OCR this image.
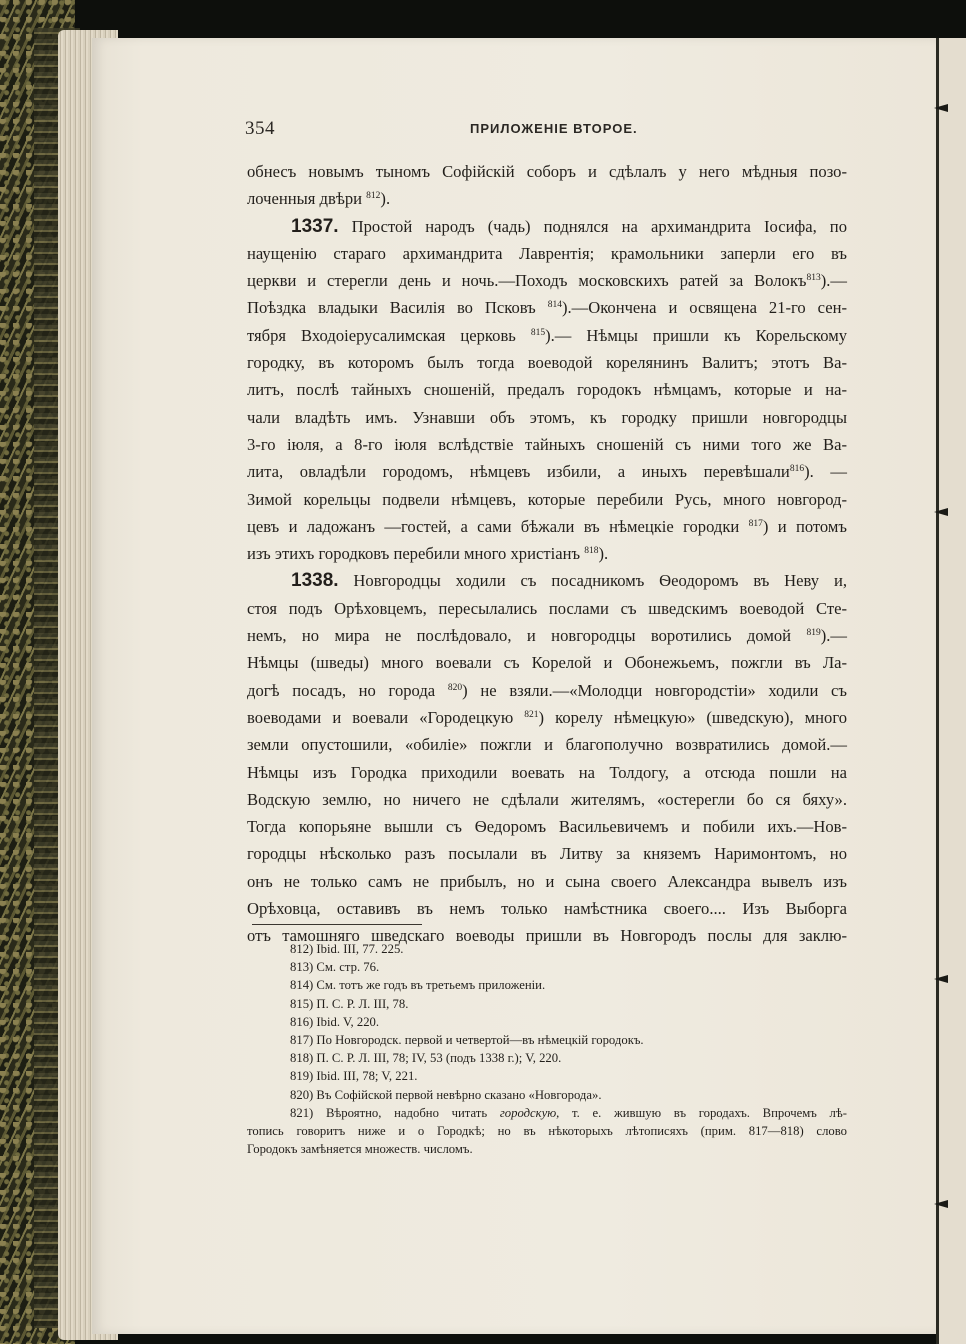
354	ПРИЛОЖЕНІЕ ВТОРОЕ.
обнесъ новымъ тыномъ Софійскій соборъ и сдѣлалъ у него мѣдныя позо-
лоченныя двѣри $^{812}$).
1337. Простой народъ (чадь) поднялся на архимандрита Іосифа, по
наущенію стараго архимандрита Лаврентія; крамольники заперли его въ
церкви и стерегли день и ночь.—Походъ московскихъ ратей за Волокъ$^{813}$).—
Поѣздка владыки Василія во Псковъ $^{814}$).—Окончена и освящена 21-го сен-
тября Входоіерусалимская церковь $^{815}$).— Нѣмцы пришли къ Корельскому
городку, въ которомъ былъ тогда воеводой корелянинъ Валитъ; этотъ Ва-
литъ, послѣ тайныхъ сношеній, предалъ городокъ нѣмцамъ, которые и на-
чали владѣть имъ. Узнавши объ этомъ, къ городку пришли новгородцы
3-го іюля, а 8-го іюля вслѣдствіе тайныхъ сношеній съ ними того же Ва-
лита, овладѣли городомъ, нѣмцевъ избили, а иныхъ перевѣшали$^{816}$). —
Зимой корельцы подвели нѣмцевъ, которые перебили Русь, много новгород-
цевъ и ладожанъ —гостей, а сами бѣжали въ нѣмецкіе городки $^{817}$) и потомъ
изъ этихъ городковъ перебили много христіанъ $^{818}$).
1338. Новгородцы ходили съ посадникомъ Ѳеодоромъ въ Неву и,
стоя подъ Орѣховцемъ, пересылались послами съ шведскимъ воеводой Сте-
немъ, но мира не послѣдовало, и новгородцы воротились домой $^{819}$).—
Нѣмцы (шведы) много воевали съ Корелой и Обонежьемъ, пожгли въ Ла-
догѣ посадъ, но города $^{820}$) не взяли.—«Молодци новгородстіи» ходили съ
воеводами и воевали «Городецкую $^{821}$) корелу нѣмецкую» (шведскую), много
земли опустошили, «обиліе» пожгли и благополучно возвратились домой.—
Нѣмцы изъ Городка приходили воевать на Толдогу, а отсюда пошли на
Водскую землю, но ничего не сдѣлали жителямъ, «остерегли бо ся бяху».
Тогда копорьяне вышли съ Ѳедоромъ Васильевичемъ и побили ихъ.—Нов-
городцы нѣсколько разъ посылали въ Литву за княземъ Наримонтомъ, но
онъ не только самъ не прибылъ, но и сына своего Александра вывелъ изъ
Орѣховца, оставивъ въ немъ только намѣстника своего.... Изъ Выборга
отъ тамошняго шведскаго воеводы пришли въ Новгородъ послы для заклю-
812) Ibid. III, 77. 225.
813) См. стр. 76.
814) См. тотъ же годъ въ третьемъ приложеніи.
815) П. С. Р. Л. III, 78.
816) Ibid. V, 220.
817) По Новгородск. первой и четвертой—въ нѣмецкій городокъ.
818) П. С. Р. Л. III, 78; IV, 53 (подъ 1338 г.); V, 220.
819) Ibid. III, 78; V, 221.
820) Въ Софійской первой невѣрно сказано «Новгорода».
821) Вѣроятно, надобно читать городскую, т. е. жившую въ городахъ. Впрочемъ лѣ-
топись говоритъ ниже и о Городкѣ; но въ нѣкоторыхъ лѣтописяхъ (прим. 817—818) слово
Городокъ замѣняется множеств. числомъ.
